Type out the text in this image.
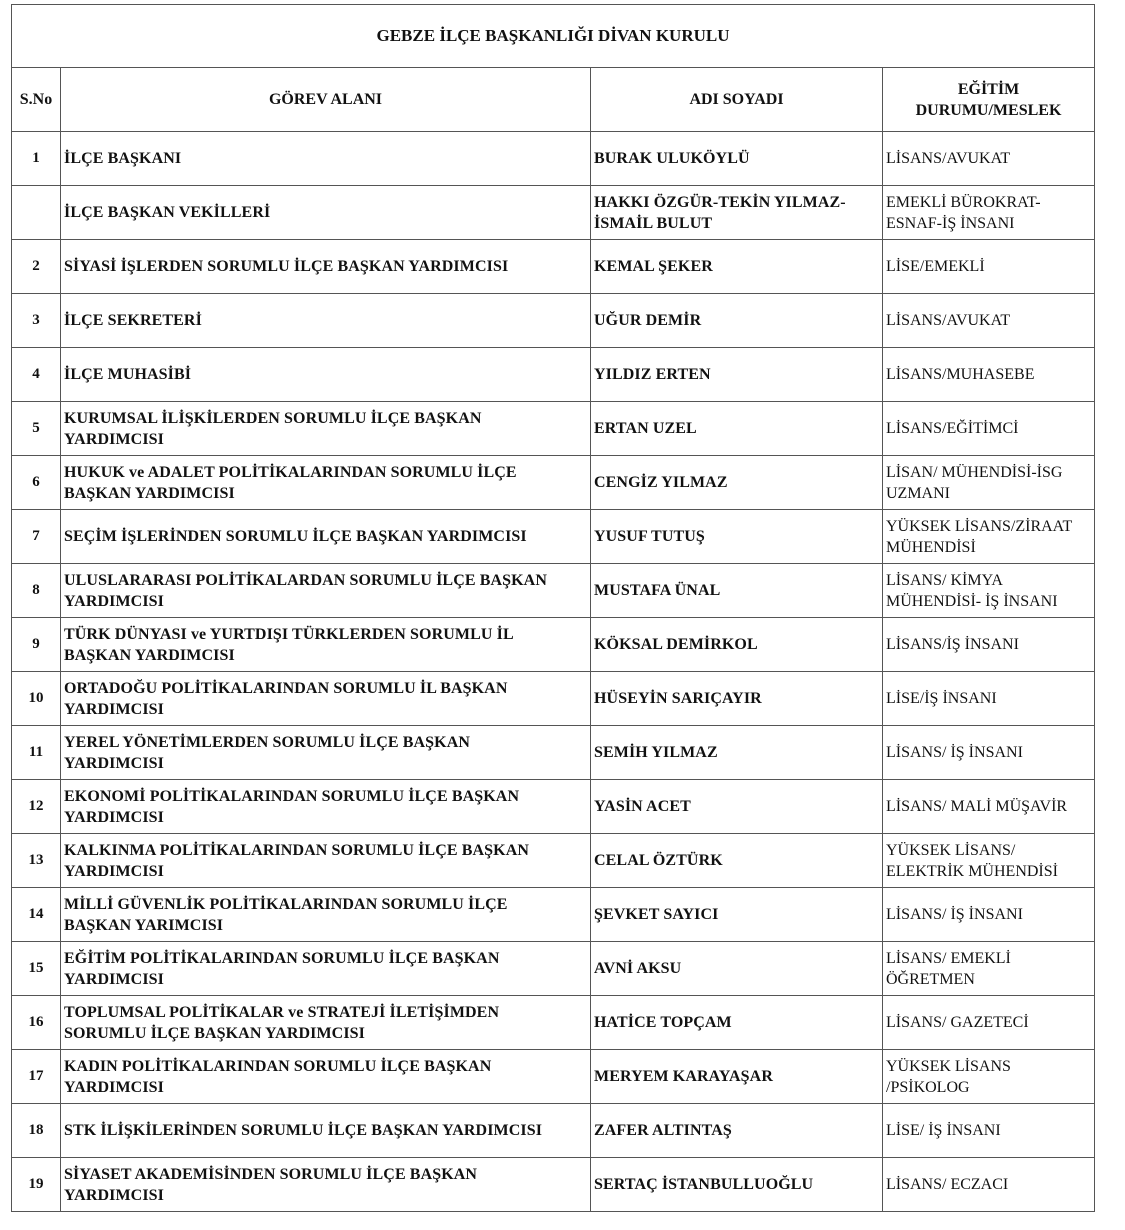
GEBZE İLÇE BAŞKANLIĞI DİVAN KURULU			

S.No	GÖREV ALANI	ADI SOYADI	EĞİTİM
DURUMU/MESLEK

1	İLÇE BAŞKANI	BURAK ULUKÖYLÜ	LİSANS/AVUKAT

	İLÇE BAŞKAN VEKİLLERİ	HAKKI ÖZGÜR-TEKİN YILMAZ-
İSMAİL BULUT	EMEKLİ BÜROKRAT-
ESNAF-İŞ İNSANI

2	SİYASİ İŞLERDEN SORUMLU İLÇE BAŞKAN YARDIMCISI	KEMAL ŞEKER	LİSE/EMEKLİ

3	İLÇE SEKRETERİ	UĞUR DEMİR	LİSANS/AVUKAT

4	İLÇE MUHASİBİ	YILDIZ ERTEN	LİSANS/MUHASEBE

5	KURUMSAL İLİŞKİLERDEN SORUMLU İLÇE BAŞKAN
YARDIMCISI	ERTAN UZEL	LİSANS/EĞİTİMCİ

6	HUKUK ve ADALET POLİTİKALARINDAN SORUMLU İLÇE
BAŞKAN YARDIMCISI	CENGİZ YILMAZ	LİSAN/ MÜHENDİSİ-İSG
UZMANI

7	SEÇİM İŞLERİNDEN SORUMLU İLÇE BAŞKAN YARDIMCISI	YUSUF TUTUŞ	YÜKSEK LİSANS/ZİRAAT
MÜHENDİSİ

8	ULUSLARARASI POLİTİKALARDAN SORUMLU İLÇE BAŞKAN
YARDIMCISI	MUSTAFA ÜNAL	LİSANS/ KİMYA
MÜHENDİSİ- İŞ İNSANI

9	TÜRK DÜNYASI ve YURTDIŞI TÜRKLERDEN SORUMLU İL
BAŞKAN YARDIMCISI	KÖKSAL DEMİRKOL	LİSANS/İŞ İNSANI

10	ORTADOĞU POLİTİKALARINDAN SORUMLU İL BAŞKAN
YARDIMCISI	HÜSEYİN SARIÇAYIR	LİSE/İŞ İNSANI

11	YEREL YÖNETİMLERDEN SORUMLU İLÇE BAŞKAN
YARDIMCISI	SEMİH YILMAZ	LİSANS/ İŞ İNSANI

12	EKONOMİ POLİTİKALARINDAN SORUMLU İLÇE BAŞKAN
YARDIMCISI	YASİN ACET	LİSANS/ MALİ MÜŞAVİR

13	KALKINMA POLİTİKALARINDAN SORUMLU İLÇE BAŞKAN
YARDIMCISI	CELAL ÖZTÜRK	YÜKSEK LİSANS/
ELEKTRİK MÜHENDİSİ

14	MİLLİ GÜVENLİK POLİTİKALARINDAN SORUMLU İLÇE
BAŞKAN YARIMCISI	ŞEVKET SAYICI	LİSANS/ İŞ İNSANI

15	EĞİTİM POLİTİKALARINDAN SORUMLU İLÇE BAŞKAN
YARDIMCISI	AVNİ AKSU	LİSANS/ EMEKLİ
ÖĞRETMEN

16	TOPLUMSAL POLİTİKALAR ve STRATEJİ İLETİŞİMDEN
SORUMLU İLÇE BAŞKAN YARDIMCISI	HATİCE TOPÇAM	LİSANS/ GAZETECİ

17	KADIN POLİTİKALARINDAN SORUMLU İLÇE BAŞKAN
YARDIMCISI	MERYEM KARAYAŞAR	YÜKSEK LİSANS
/PSİKOLOG

18	STK İLİŞKİLERİNDEN SORUMLU İLÇE BAŞKAN YARDIMCISI	ZAFER ALTINTAŞ	LİSE/ İŞ İNSANI

19	SİYASET AKADEMİSİNDEN SORUMLU İLÇE BAŞKAN
YARDIMCISI	SERTAÇ İSTANBULLUOĞLU	LİSANS/ ECZACI
